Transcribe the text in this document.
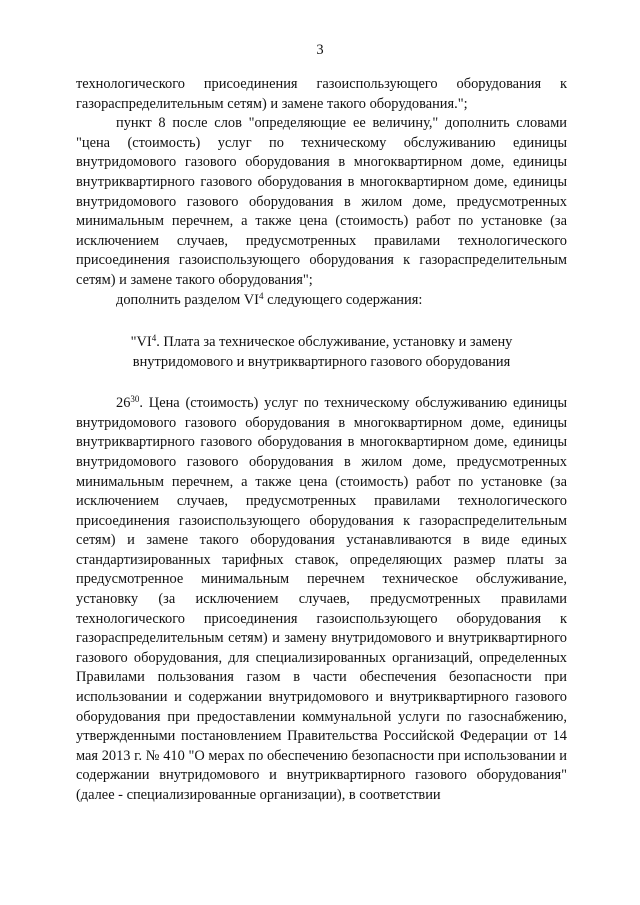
3

технологического присоединения газоиспользующего оборудования к газораспределительным сетям) и замене такого оборудования.";

пункт 8 после слов "определяющие ее величину," дополнить словами "цена (стоимость) услуг по техническому обслуживанию единицы внутридомового газового оборудования в многоквартирном доме, единицы внутриквартирного газового оборудования в многоквартирном доме, единицы внутридомового газового оборудования в жилом доме, предусмотренных минимальным перечнем, а также цена (стоимость) работ по установке (за исключением случаев, предусмотренных правилами технологического присоединения газоиспользующего оборудования к газораспределительным сетям) и замене такого оборудования";

дополнить разделом $VI^4$ следующего содержания:

"$VI^4$. Плата за техническое обслуживание, установку и замену
внутридомового и внутриквартирного газового оборудования

$26^{30}$. Цена (стоимость) услуг по техническому обслуживанию единицы внутридомового газового оборудования в многоквартирном доме, единицы внутриквартирного газового оборудования в многоквартирном доме, единицы внутридомового газового оборудования в жилом доме, предусмотренных минимальным перечнем, а также цена (стоимость) работ по установке (за исключением случаев, предусмотренных правилами технологического присоединения газоиспользующего оборудования к газораспределительным сетям) и замене такого оборудования устанавливаются в виде единых стандартизированных тарифных ставок, определяющих размер платы за предусмотренное минимальным перечнем техническое обслуживание, установку (за исключением случаев, предусмотренных правилами технологического присоединения газоиспользующего оборудования к газораспределительным сетям) и замену внутридомового и внутриквартирного газового оборудования, для специализированных организаций, определенных Правилами пользования газом в части обеспечения безопасности при использовании и содержании внутридомового и внутриквартирного газового оборудования при предоставлении коммунальной услуги по газоснабжению, утвержденными постановлением Правительства Российской Федерации от 14 мая 2013 г. № 410 "О мерах по обеспечению безопасности при использовании и содержании внутридомового и внутриквартирного газового оборудования" (далее - специализированные организации), в соответствии
